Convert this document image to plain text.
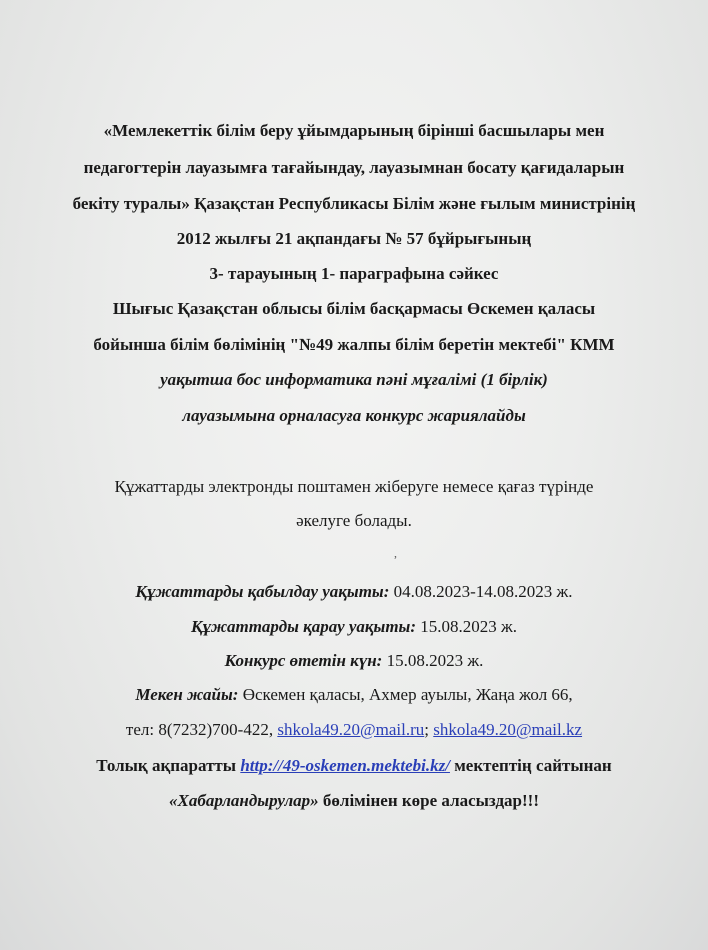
«Мемлекеттік білім беру ұйымдарының бірінші басшылары мен
педагогтерін лауазымға тағайындау, лауазымнан босату қағидаларын
бекіту туралы» Қазақстан Республикасы Білім және ғылым министрінің
2012 жылғы 21 ақпандағы № 57 бұйрығының
3- тарауының 1- параграфына сәйкес
Шығыс Қазақстан облысы білім басқармасы Өскемен қаласы
бойынша білім бөлімінің "№49 жалпы білім беретін мектебі" КММ
уақытша бос информатика пәні мұғалімі (1 бірлік)
лауазымына орналасуға конкурс жариялайды
Құжаттарды электронды поштамен жіберуге немесе қағаз түрінде
әкелуге болады.
,
Құжаттарды қабылдау уақыты: 04.08.2023-14.08.2023 ж.
Құжаттарды қарау уақыты: 15.08.2023 ж.
Конкурс өтетін күн: 15.08.2023 ж.
Мекен жайы: Өскемен қаласы, Ахмер ауылы, Жаңа жол 66,
тел: 8(7232)700-422, shkola49.20@mail.ru; shkola49.20@mail.kz
Толық ақпаратты http://49-oskemen.mektebi.kz/ мектептің сайтынан
«Хабарландырулар» бөлімінен көре аласыздар!!!
